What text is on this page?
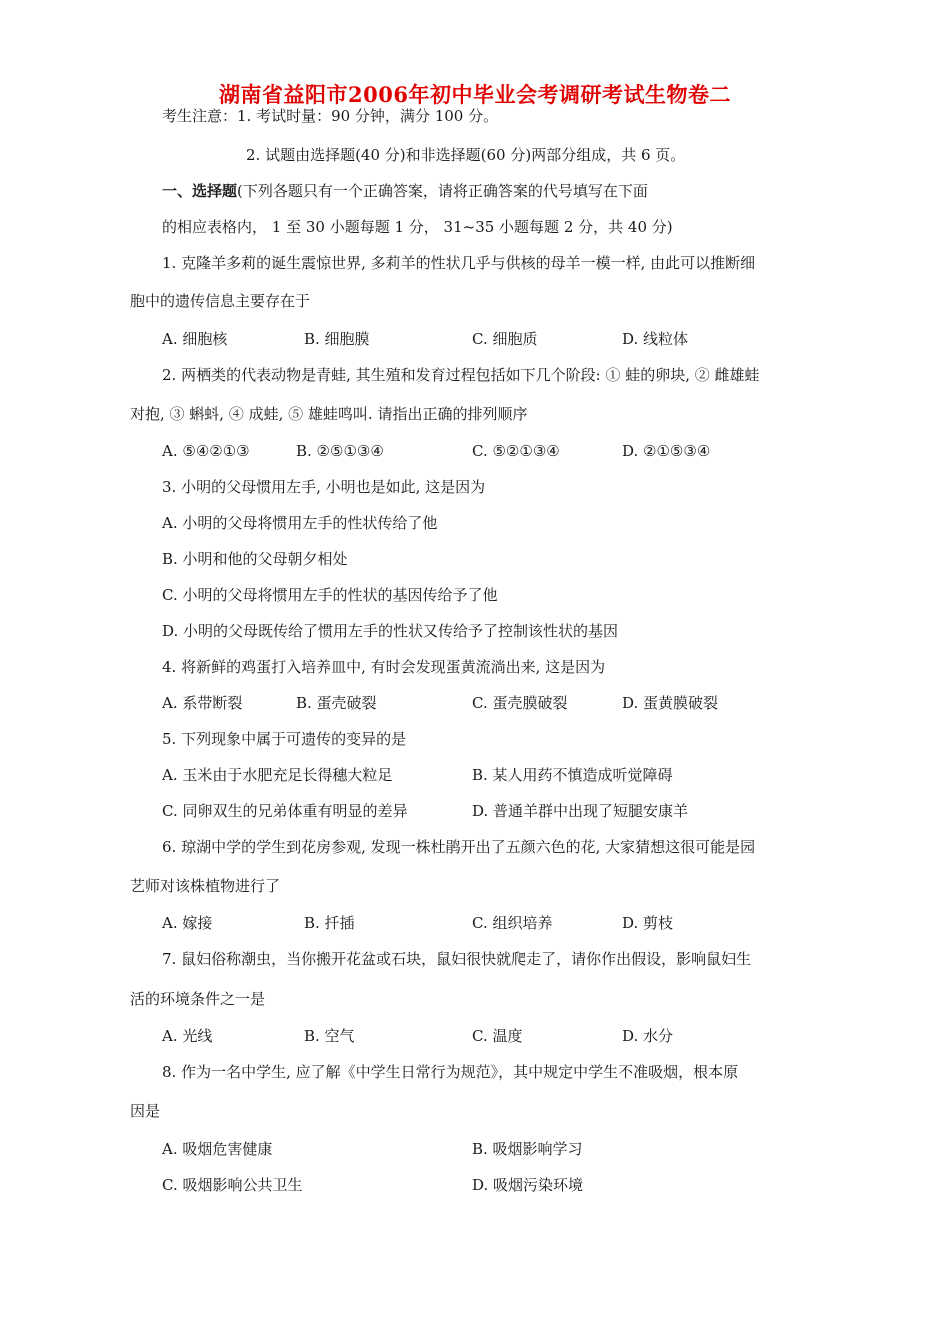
湖南省益阳市2006年初中毕业会考调研考试生物卷二
考生注意：1. 考试时量：90 分钟，满分 100 分。
2. 试题由选择题(40 分)和非选择题(60 分)两部分组成，共 6 页。
一、选择题(下列各题只有一个正确答案，请将正确答案的代号填写在下面
的相应表格内， 1 至 30 小题每题 1 分， 31~35 小题每题 2 分，共 40 分)
1. 克隆羊多莉的诞生震惊世界, 多莉羊的性状几乎与供核的母羊一模一样, 由此可以推断细
胞中的遗传信息主要存在于
A. 细胞核	B. 细胞膜	C. 细胞质	D. 线粒体
2. 两栖类的代表动物是青蛙, 其生殖和发育过程包括如下几个阶段: ① 蛙的卵块, ② 雌雄蛙
对抱, ③ 蝌蚪, ④ 成蛙, ⑤ 雄蛙鸣叫. 请指出正确的排列顺序
A. ⑤④②①③	B. ②⑤①③④	C. ⑤②①③④	D. ②①⑤③④
3. 小明的父母惯用左手, 小明也是如此, 这是因为
A. 小明的父母将惯用左手的性状传给了他
B. 小明和他的父母朝夕相处
C. 小明的父母将惯用左手的性状的基因传给予了他
D. 小明的父母既传给了惯用左手的性状又传给予了控制该性状的基因
4. 将新鲜的鸡蛋打入培养皿中, 有时会发现蛋黄流淌出来, 这是因为
A. 系带断裂	B. 蛋壳破裂	C. 蛋壳膜破裂	D. 蛋黄膜破裂
5. 下列现象中属于可遗传的变异的是
A. 玉米由于水肥充足长得穗大粒足	B. 某人用药不慎造成听觉障碍
C. 同卵双生的兄弟体重有明显的差异	D. 普通羊群中出现了短腿安康羊
6. 琼湖中学的学生到花房参观, 发现一株杜鹃开出了五颜六色的花, 大家猜想这很可能是园
艺师对该株植物进行了
A. 嫁接	B. 扦插	C. 组织培养	D. 剪枝
7. 鼠妇俗称潮虫，当你搬开花盆或石块，鼠妇很快就爬走了，请你作出假设，影响鼠妇生
活的环境条件之一是
A. 光线	B. 空气	C. 温度	D. 水分
8. 作为一名中学生, 应了解《中学生日常行为规范》，其中规定中学生不准吸烟，根本原
因是
A. 吸烟危害健康	B. 吸烟影响学习
C. 吸烟影响公共卫生	D. 吸烟污染环境
